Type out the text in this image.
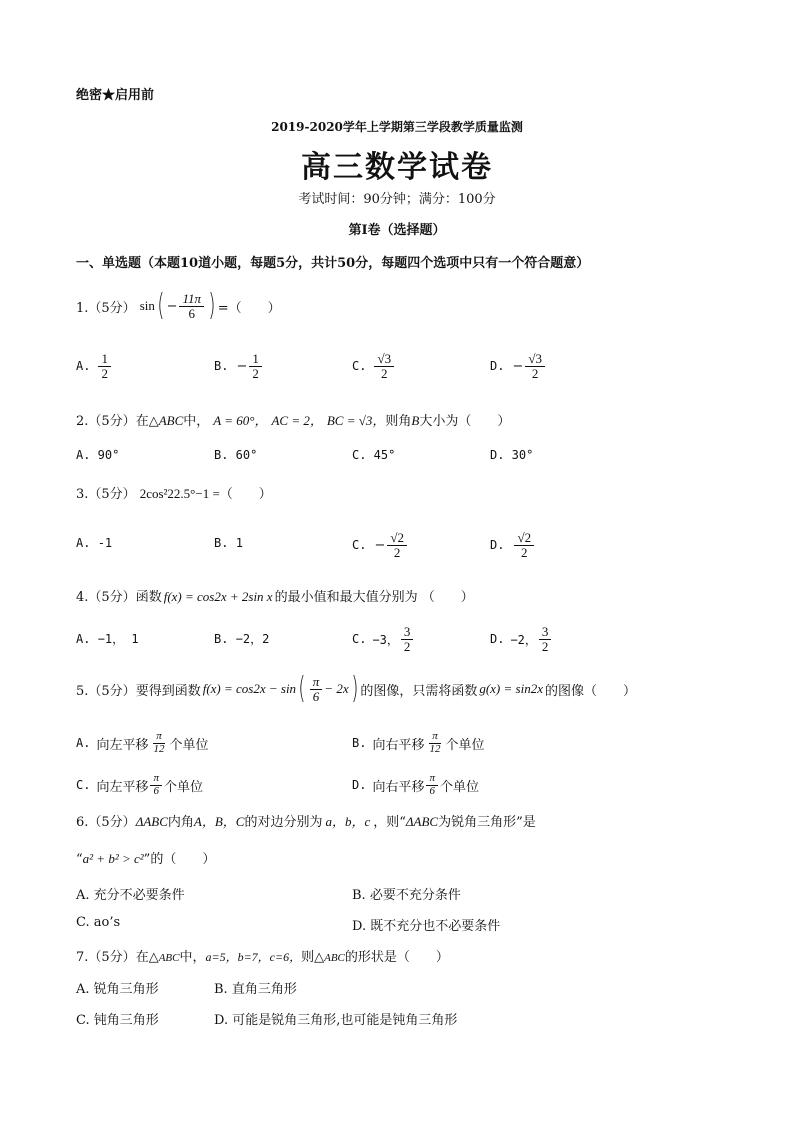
绝密★启用前
2019-2020学年上学期第三学段教学质量监测
高三数学试卷
考试时间：90分钟；满分：100分
第I卷（选择题）
一、单选题（本题10道小题，每题5分，共计50分，每题四个选项中只有一个符合题意）
1.（5分） sin ( − $\frac{11\pi}{6}$ ) =（　　）
A. $\frac{1}{2}$	B. − $\frac{1}{2}$	C. $\frac{√3}{2}$	D. − $\frac{√3}{2}$
2.（5分）在△ABC中， A = 60°， AC = 2， BC = √3，则角B大小为（　　）
A. 90°	B. 60°	C. 45°	D. 30°
3.（5分） 2cos²22.5°−1 =（　　）
A. -1	B. 1	C. − $\frac{√2}{2}$	D. $\frac{√2}{2}$
4.（5分）函数 f(x) = cos2x + 2sin x 的最小值和最大值分别为 （　　）
A. −1， 1	B. −2，2	C. −3， $\frac{3}{2}$	D. −2， $\frac{3}{2}$
5.（5分） 要得到函数 f(x) = cos2x − sin ( $\frac{\pi}{6} - 2x$ ) 的图像，只需将函数 g(x) = sin2x 的图像（　　）
A. 向左平移 $\frac{\pi}{12}$ 个单位	B. 向右平移 $\frac{\pi}{12}$ 个单位
C. 向左平移 $\frac{\pi}{6}$ 个单位	D. 向右平移 $\frac{\pi}{6}$ 个单位
6.（5分）ΔABC内角A，B，C的对边分别为 a，b，c ，则“ΔABC为锐角三角形”是
“a² + b² > c²”的（　　）
A. 充分不必要条件	B. 必要不充分条件
C. ao’s	D. 既不充分也不必要条件
7.（5分）在△ABC中，a=5，b=7，c=6，则△ABC的形状是（　　）
A. 锐角三角形	B. 直角三角形
C. 钝角三角形	D. 可能是锐角三角形,也可能是钝角三角形
